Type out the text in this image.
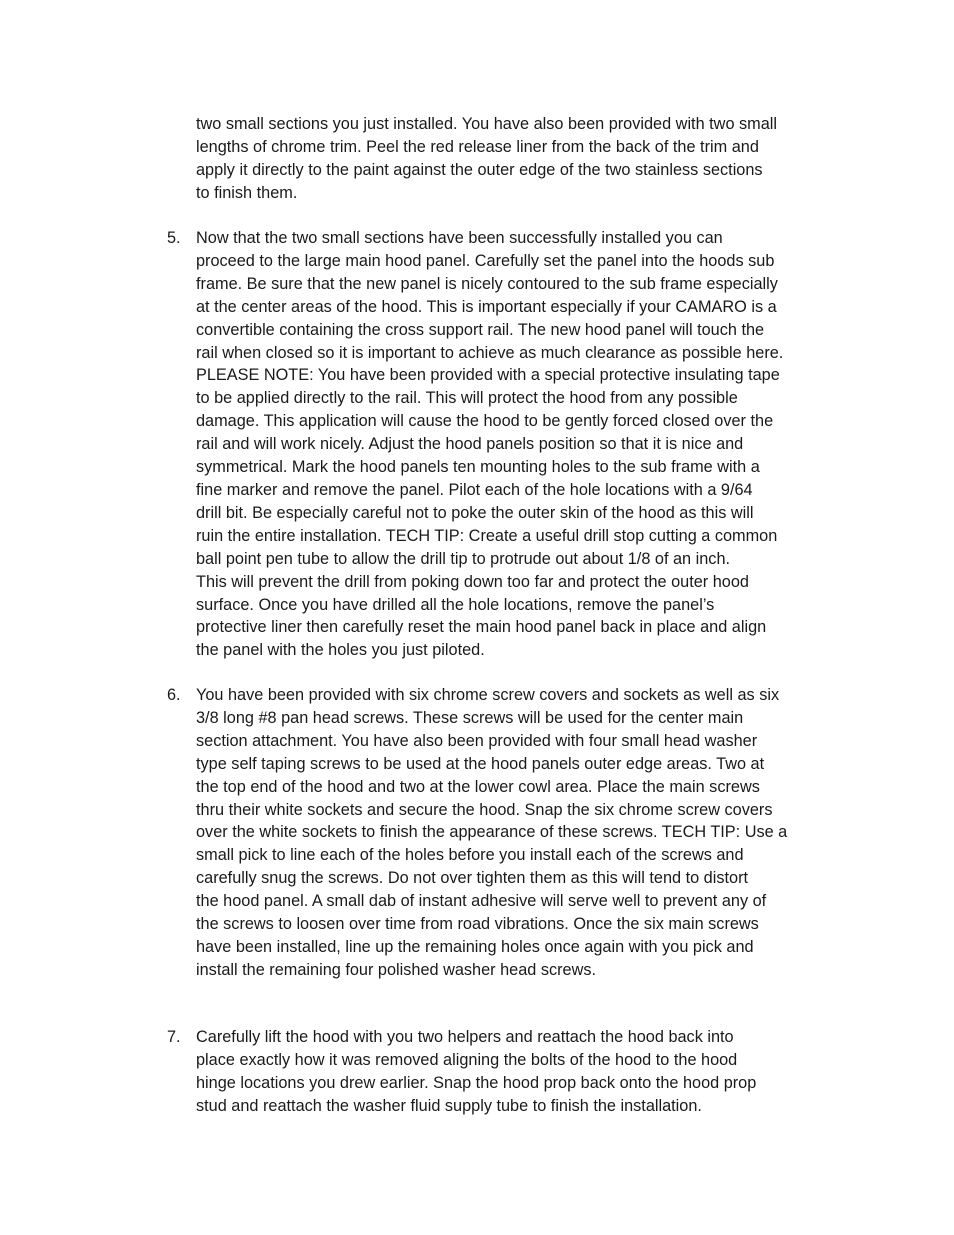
two small sections you just installed. You have also been provided with two small
lengths of chrome trim. Peel the red release liner from the back of the trim and
apply it directly to the paint against the outer edge of the two stainless sections
to finish them.
5. Now that the two small sections have been successfully installed you can
proceed to the large main hood panel. Carefully set the panel into the hoods sub
frame. Be sure that the new panel is nicely contoured to the sub frame especially
at the center areas of the hood. This is important especially if your CAMARO is a
convertible containing the cross support rail. The new hood panel will touch the
rail when closed so it is important to achieve as much clearance as possible here.
PLEASE NOTE: You have been provided with a special protective insulating tape
to be applied directly to the rail. This will protect the hood from any possible
damage. This application will cause the hood to be gently forced closed over the
rail and will work nicely. Adjust the hood panels position so that it is nice and
symmetrical. Mark the hood panels ten mounting holes to the sub frame with a
fine marker and remove the panel. Pilot each of the hole locations with a 9/64
drill bit. Be especially careful not to poke the outer skin of the hood as this will
ruin the entire installation. TECH TIP: Create a useful drill stop cutting a common
ball point pen tube to allow the drill tip to protrude out about 1/8 of an inch.
This will prevent the drill from poking down too far and protect the outer hood
surface. Once you have drilled all the hole locations, remove the panel’s
protective liner then carefully reset the main hood panel back in place and align
the panel with the holes you just piloted.
6. You have been provided with six chrome screw covers and sockets as well as six
3/8 long #8 pan head screws. These screws will be used for the center main
section attachment. You have also been provided with four small head washer
type self taping screws to be used at the hood panels outer edge areas. Two at
the top end of the hood and two at the lower cowl area. Place the main screws
thru their white sockets and secure the hood. Snap the six chrome screw covers
over the white sockets to finish the appearance of these screws. TECH TIP: Use a
small pick to line each of the holes before you install each of the screws and
carefully snug the screws. Do not over tighten them as this will tend to distort
the hood panel. A small dab of instant adhesive will serve well to prevent any of
the screws to loosen over time from road vibrations. Once the six main screws
have been installed, line up the remaining holes once again with you pick and
install the remaining four polished washer head screws.
7. Carefully lift the hood with you two helpers and reattach the hood back into
place exactly how it was removed aligning the bolts of the hood to the hood
hinge locations you drew earlier. Snap the hood prop back onto the hood prop
stud and reattach the washer fluid supply tube to finish the installation.
